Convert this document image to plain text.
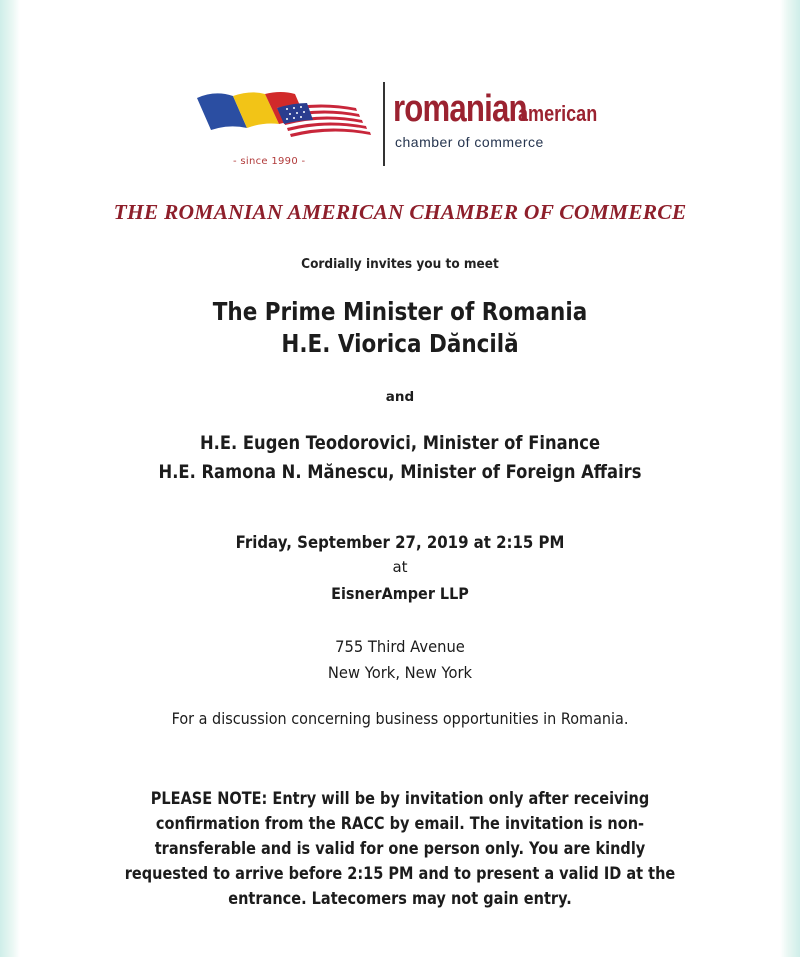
- since 1990 -
romanianamerican
chamber of commerce
THE ROMANIAN AMERICAN CHAMBER OF COMMERCE
Cordially invites you to meet
The Prime Minister of Romania
H.E. Viorica Dăncilă
and
H.E. Eugen Teodorovici, Minister of Finance
H.E. Ramona N. Mănescu, Minister of Foreign Affairs
Friday, September 27, 2019 at 2:15 PM
at
EisnerAmper LLP
755 Third Avenue
New York, New York
For a discussion concerning business opportunities in Romania.
PLEASE NOTE: Entry will be by invitation only after receiving
confirmation from the RACC by email. The invitation is non-
transferable and is valid for one person only. You are kindly
requested to arrive before 2:15 PM and to present a valid ID at the
entrance. Latecomers may not gain entry.
